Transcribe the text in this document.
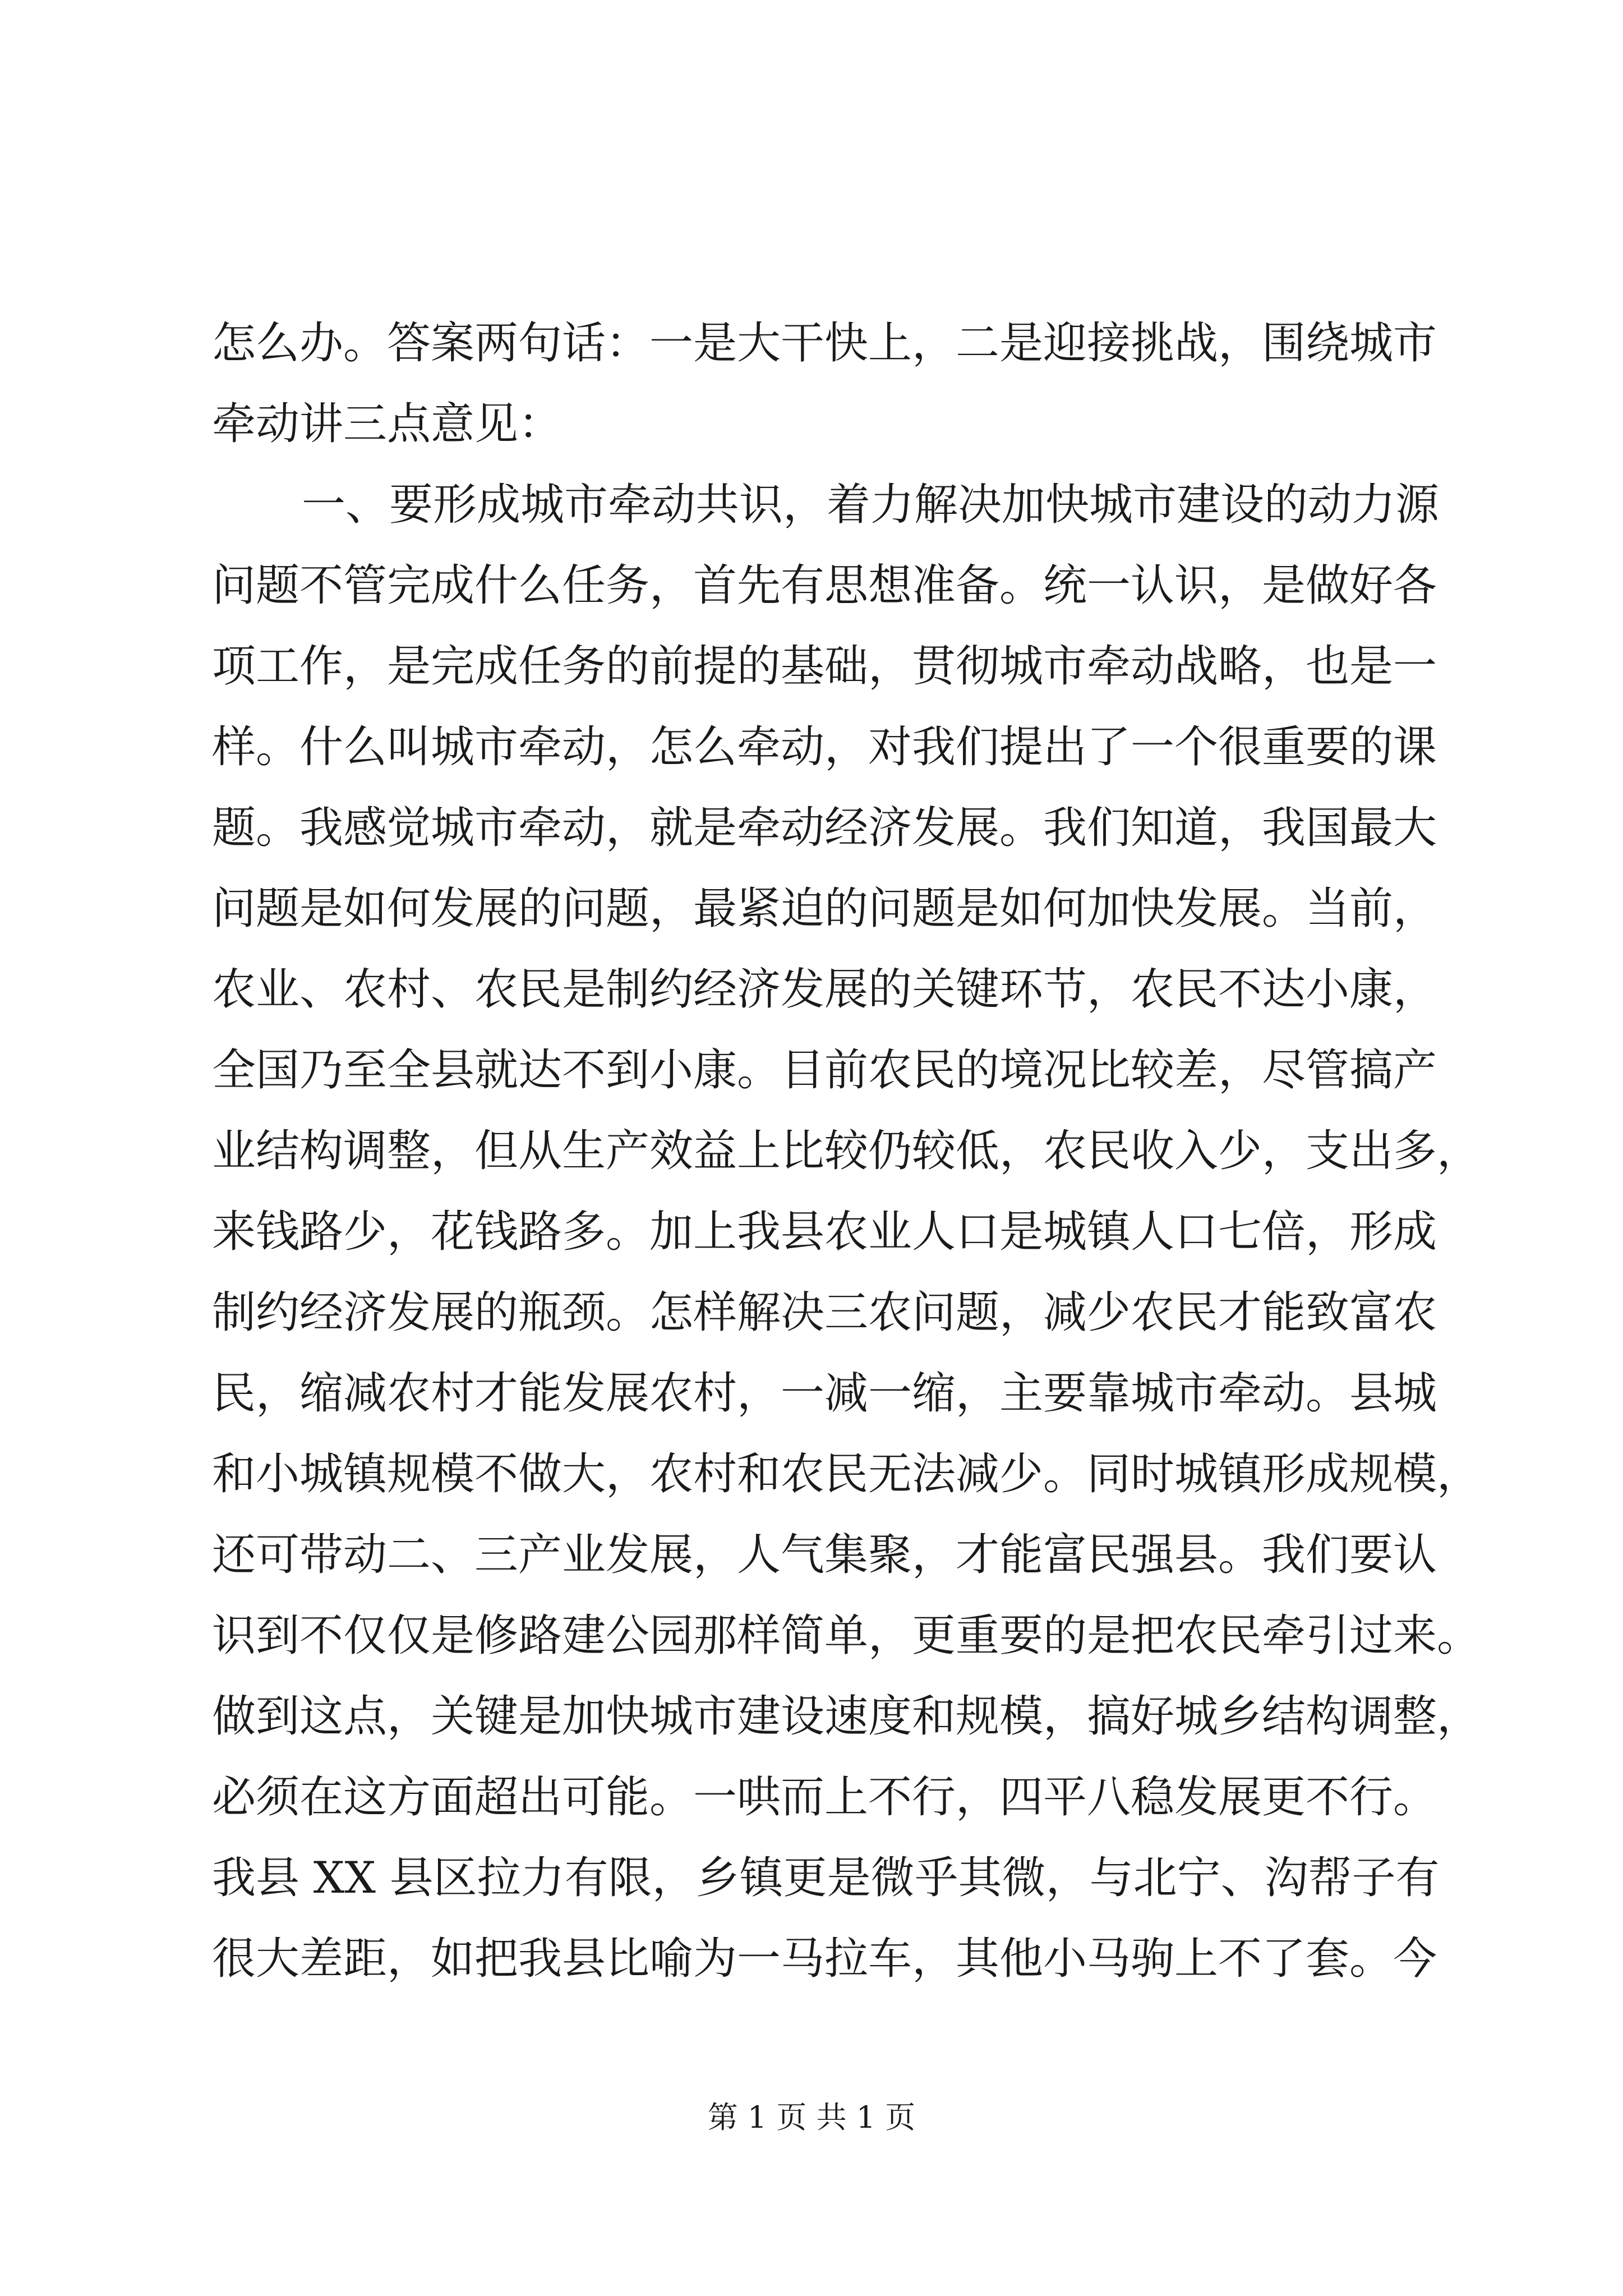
怎么办。答案两句话：一是大干快上，二是迎接挑战，围绕城市
牵动讲三点意见：
一、要形成城市牵动共识，着力解决加快城市建设的动力源
问题不管完成什么任务，首先有思想准备。统一认识，是做好各
项工作，是完成任务的前提的基础，贯彻城市牵动战略，也是一
样。什么叫城市牵动，怎么牵动，对我们提出了一个很重要的课
题。我感觉城市牵动，就是牵动经济发展。我们知道，我国最大
问题是如何发展的问题，最紧迫的问题是如何加快发展。当前，
农业、农村、农民是制约经济发展的关键环节，农民不达小康，
全国乃至全县就达不到小康。目前农民的境况比较差，尽管搞产
业结构调整，但从生产效益上比较仍较低，农民收入少，支出多，
来钱路少，花钱路多。加上我县农业人口是城镇人口七倍，形成
制约经济发展的瓶颈。怎样解决三农问题，减少农民才能致富农
民，缩减农村才能发展农村，一减一缩，主要靠城市牵动。县城
和小城镇规模不做大，农村和农民无法减少。同时城镇形成规模，
还可带动二、三产业发展，人气集聚，才能富民强县。我们要认
识到不仅仅是修路建公园那样简单，更重要的是把农民牵引过来。
做到这点，关键是加快城市建设速度和规模，搞好城乡结构调整，
必须在这方面超出可能。一哄而上不行，四平八稳发展更不行。
我县 XX 县区拉力有限，乡镇更是微乎其微，与北宁、沟帮子有
很大差距，如把我县比喻为一马拉车，其他小马驹上不了套。今
第 1 页 共 1 页
